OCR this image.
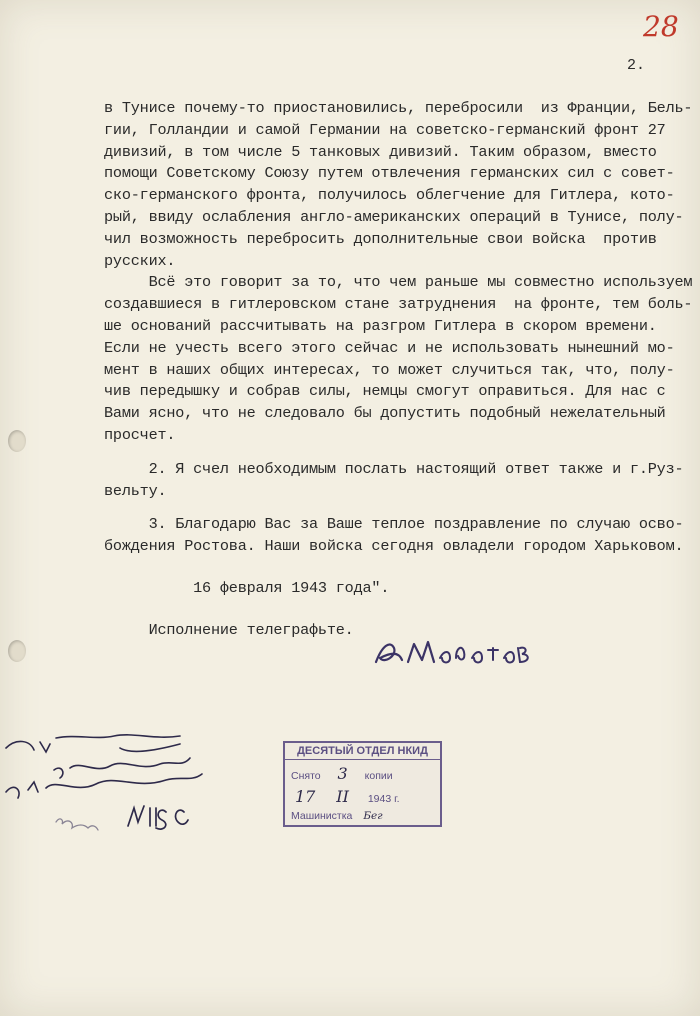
28
2.
в Тунисе почему-то приостановились, перебросили  из Франции, Бель-
гии, Голландии и самой Германии на советско-германский фронт 27
дивизий, в том числе 5 танковых дивизий. Таким образом, вместо
помощи Советскому Союзу путем отвлечения германских сил с совет-
ско-германского фронта, получилось облегчение для Гитлера, кото-
рый, ввиду ослабления англо-американских операций в Тунисе, полу-
чил возможность перебросить дополнительные свои войска  против
русских.
Всё это говорит за то, что чем раньше мы совместно используем
создавшиеся в гитлеровском стане затруднения  на фронте, тем боль-
ше оснований рассчитывать на разгром Гитлера в скором времени.
Если не учесть всего этого сейчас и не использовать нынешний мо-
мент в наших общих интересах, то может случиться так, что, полу-
чив передышку и собрав силы, немцы смогут оправиться. Для нас с
Вами ясно, что не следовало бы допустить подобный нежелательный
просчет.
2. Я счел необходимым послать настоящий ответ также и г.Руз-
вельту.
3. Благодарю Вас за Ваше теплое поздравление по случаю осво-
бождения Ростова. Наши войска сегодня овладели городом Харьковом.
16 февраля 1943 года".
Исполнение телеграфьте.
ДЕСЯТЫЙ ОТДЕЛ НКИД
Снято 3 копии
17 II 1943 г.
Машинистка Бег
